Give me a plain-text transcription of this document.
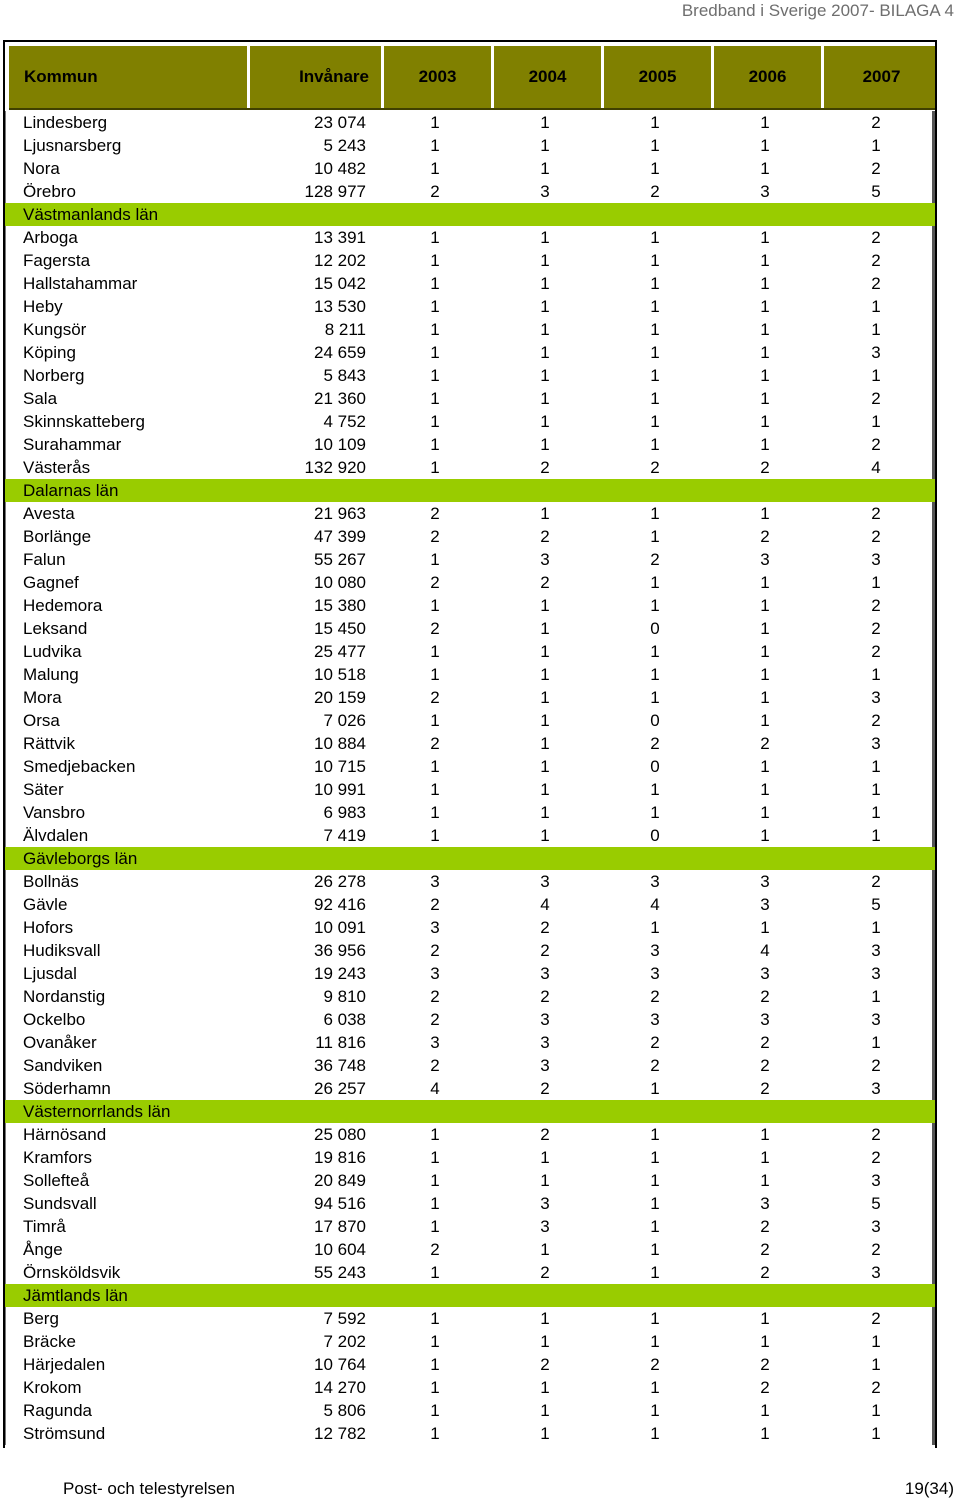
Bredband i Sverige 2007- BILAGA 4
Kommun	Invånare	2003	2004	2005	2006	2007
Lindesberg	23 074	1	1	1	1	2
Ljusnarsberg	5 243	1	1	1	1	1
Nora	10 482	1	1	1	1	2
Örebro	128 977	2	3	2	3	5
Västmanlands län
Arboga	13 391	1	1	1	1	2
Fagersta	12 202	1	1	1	1	2
Hallstahammar	15 042	1	1	1	1	2
Heby	13 530	1	1	1	1	1
Kungsör	8 211	1	1	1	1	1
Köping	24 659	1	1	1	1	3
Norberg	5 843	1	1	1	1	1
Sala	21 360	1	1	1	1	2
Skinnskatteberg	4 752	1	1	1	1	1
Surahammar	10 109	1	1	1	1	2
Västerås	132 920	1	2	2	2	4
Dalarnas län
Avesta	21 963	2	1	1	1	2
Borlänge	47 399	2	2	1	2	2
Falun	55 267	1	3	2	3	3
Gagnef	10 080	2	2	1	1	1
Hedemora	15 380	1	1	1	1	2
Leksand	15 450	2	1	0	1	2
Ludvika	25 477	1	1	1	1	2
Malung	10 518	1	1	1	1	1
Mora	20 159	2	1	1	1	3
Orsa	7 026	1	1	0	1	2
Rättvik	10 884	2	1	2	2	3
Smedjebacken	10 715	1	1	0	1	1
Säter	10 991	1	1	1	1	1
Vansbro	6 983	1	1	1	1	1
Älvdalen	7 419	1	1	0	1	1
Gävleborgs län
Bollnäs	26 278	3	3	3	3	2
Gävle	92 416	2	4	4	3	5
Hofors	10 091	3	2	1	1	1
Hudiksvall	36 956	2	2	3	4	3
Ljusdal	19 243	3	3	3	3	3
Nordanstig	9 810	2	2	2	2	1
Ockelbo	6 038	2	3	3	3	3
Ovanåker	11 816	3	3	2	2	1
Sandviken	36 748	2	3	2	2	2
Söderhamn	26 257	4	2	1	2	3
Västernorrlands län
Härnösand	25 080	1	2	1	1	2
Kramfors	19 816	1	1	1	1	2
Sollefteå	20 849	1	1	1	1	3
Sundsvall	94 516	1	3	1	3	5
Timrå	17 870	1	3	1	2	3
Ånge	10 604	2	1	1	2	2
Örnsköldsvik	55 243	1	2	1	2	3
Jämtlands län
Berg	7 592	1	1	1	1	2
Bräcke	7 202	1	1	1	1	1
Härjedalen	10 764	1	2	2	2	1
Krokom	14 270	1	1	1	2	2
Ragunda	5 806	1	1	1	1	1
Strömsund	12 782	1	1	1	1	1
Post- och telestyrelsen	19(34)
